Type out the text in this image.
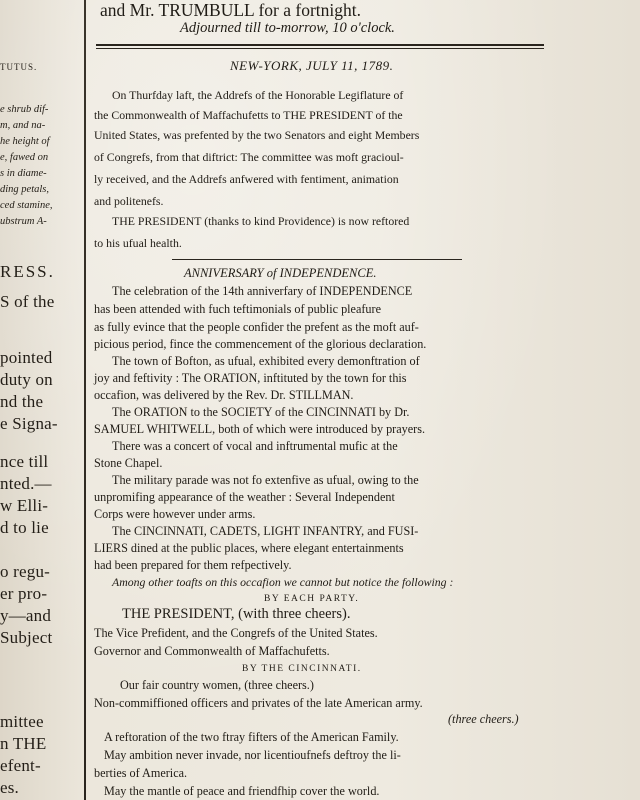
TUTUS.
e shrub dif-
m, and na-
he height of
e, fawed on
s in diame-
ding petals,
ced stamine,
ubstrum A-
RESS.
S of the
pointed
duty on
nd the
e Signa-
nce till
nted.—
w Elli-
d to lie
o regu-
er pro-
y—and
Subject
mittee
n THE
efent-
es.
and Mr. TRUMBULL for a fortnight.
Adjourned till to-morrow, 10 o'clock.
NEW-YORK, JULY 11, 1789.
On Thurfday laft, the Addrefs of the Honorable Legiflature of
the Commonwealth of Maffachufetts to THE PRESIDENT of the
United States, was prefented by the two Senators and eight Members
of Congrefs, from that diftrict: The committee was moft gracioul-
ly received, and the Addrefs anfwered with fentiment, animation
and politenefs.
THE PRESIDENT (thanks to kind Providence) is now reftored
to his ufual health.
ANNIVERSARY of INDEPENDENCE.
The celebration of the 14th anniverfary of INDEPENDENCE
has been attended with fuch teftimonials of public pleafure
as fully evince that the people confider the prefent as the moft auf-
picious period, fince the commencement of the glorious declaration.
The town of Bofton, as ufual, exhibited every demonftration of
joy and feftivity : The ORATION, inftituted by the town for this
occafion, was delivered by the Rev. Dr. STILLMAN.
The ORATION to the SOCIETY of the CINCINNATI by Dr.
SAMUEL WHITWELL, both of which were introduced by prayers.
There was a concert of vocal and inftrumental mufic at the
Stone Chapel.
The military parade was not fo extenfive as ufual, owing to the
unpromifing appearance of the weather : Several Independent
Corps were however under arms.
The CINCINNATI, CADETS, LIGHT INFANTRY, and FUSI-
LIERS dined at the public places, where elegant entertainments
had been prepared for them refpectively.
Among other toafts on this occafion we cannot but notice the following :
BY EACH PARTY.
THE PRESIDENT, (with three cheers).
The Vice Prefident, and the Congrefs of the United States.
Governor and Commonwealth of Maffachufetts.
BY THE CINCINNATI.
Our fair country women, (three cheers.)
Non-commiffioned officers and privates of the late American army.
(three cheers.)
A reftoration of the two ftray fifters of the American Family.
May ambition never invade, nor licentioufnefs deftroy the li-
berties of America.
May the mantle of peace and friendfhip cover the world.
